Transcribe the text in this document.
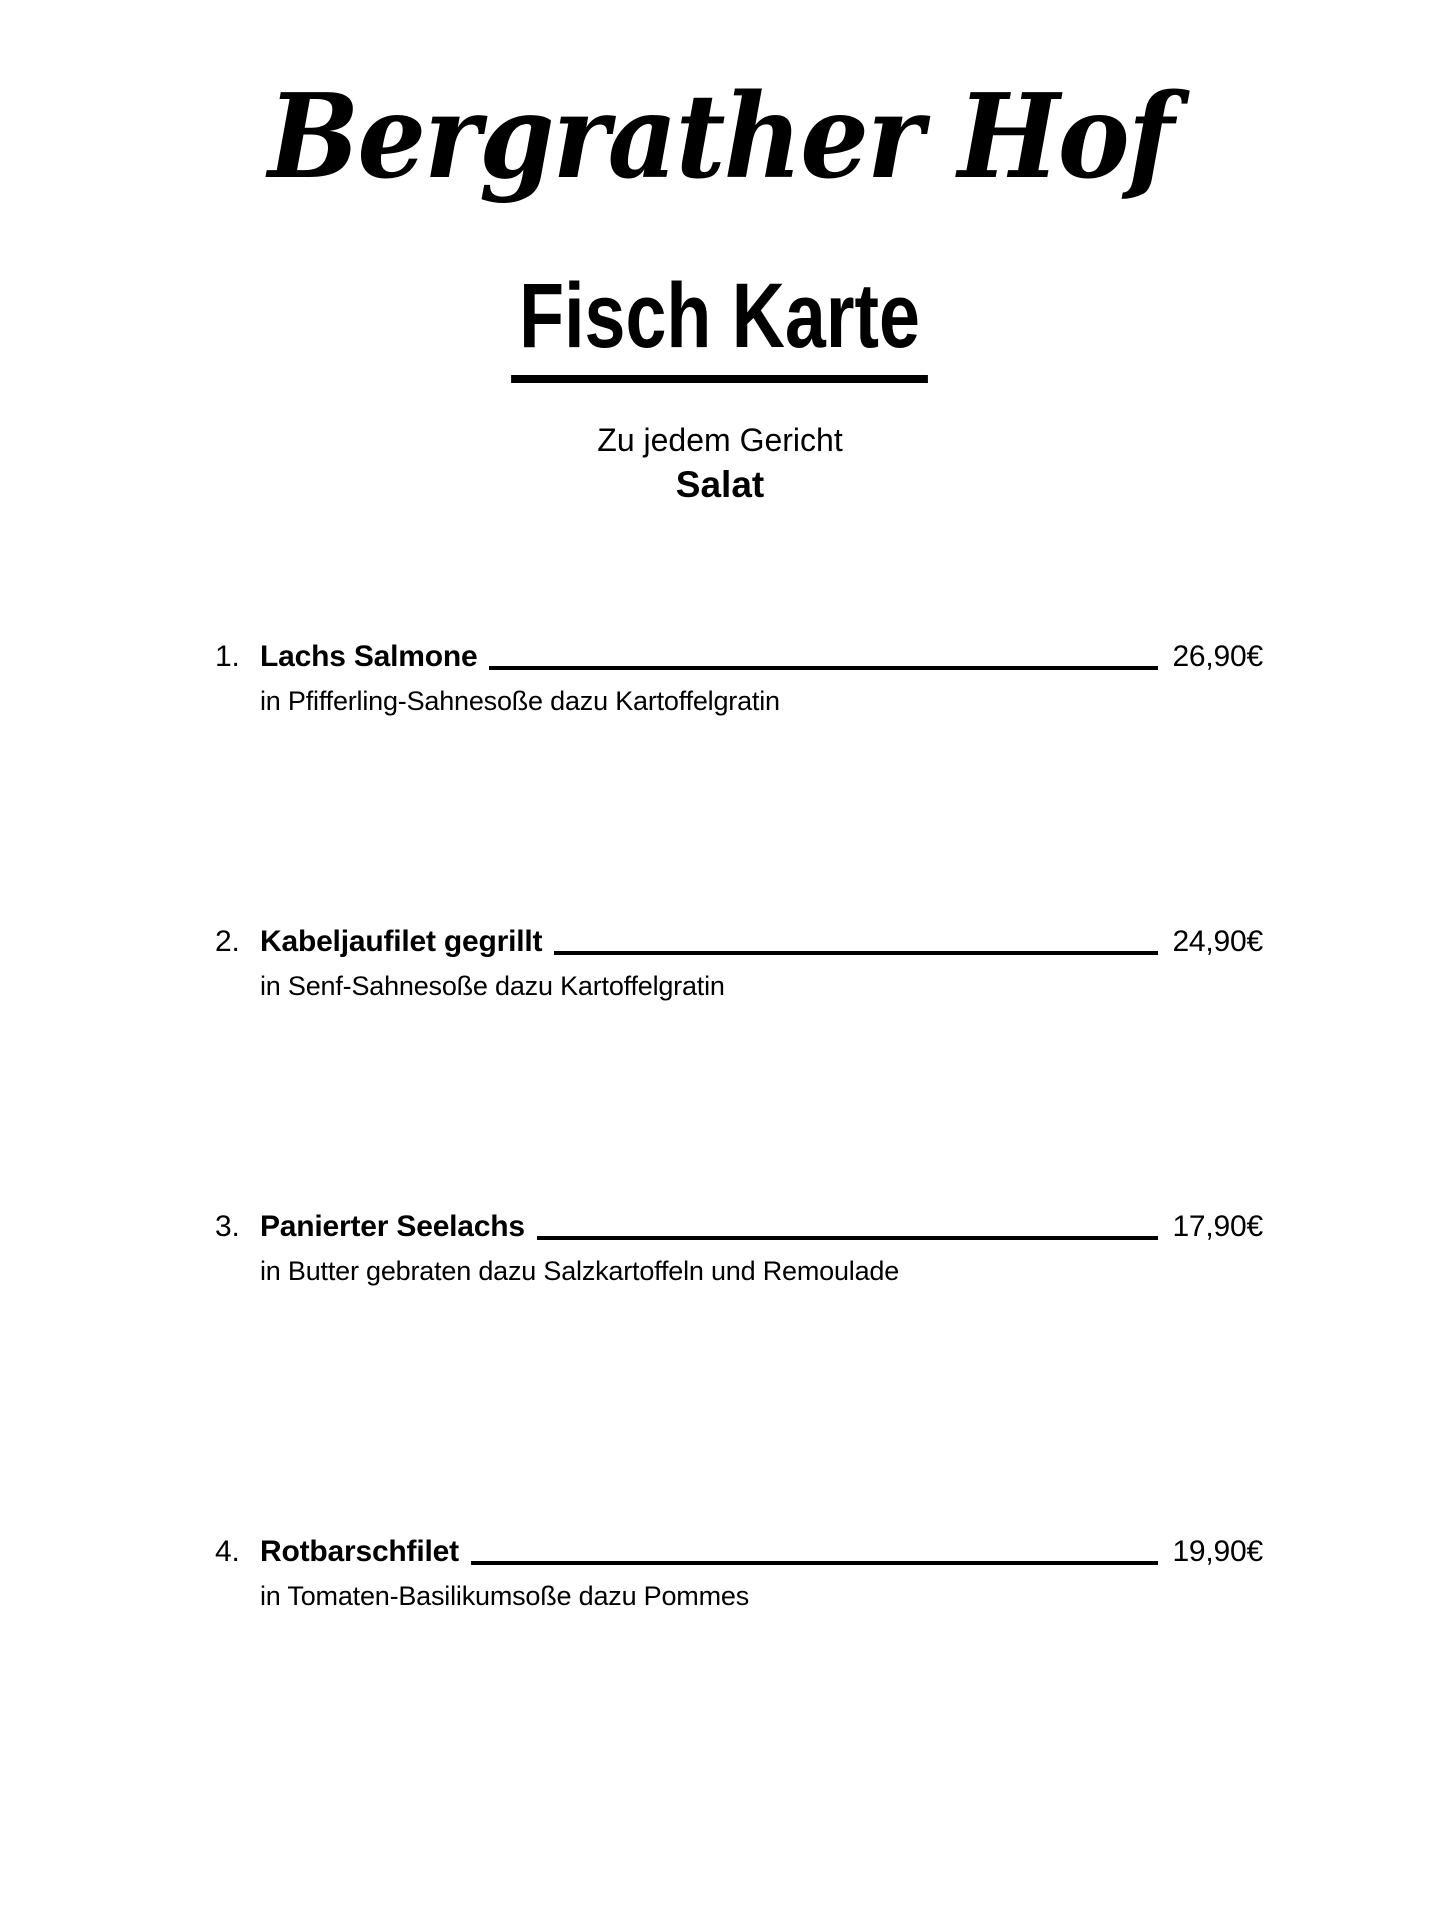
Bergrather Hof
Fisch Karte
Zu jedem Gericht
Salat
1. Lachs Salmone	26,90€
in Pfifferling-Sahnesoße dazu Kartoffelgratin
2. Kabeljaufilet gegrillt	24,90€
in Senf-Sahnesoße dazu Kartoffelgratin
3. Panierter Seelachs	17,90€
in Butter gebraten dazu Salzkartoffeln und Remoulade
4. Rotbarschfilet	19,90€
in Tomaten-Basilikumsoße dazu Pommes
